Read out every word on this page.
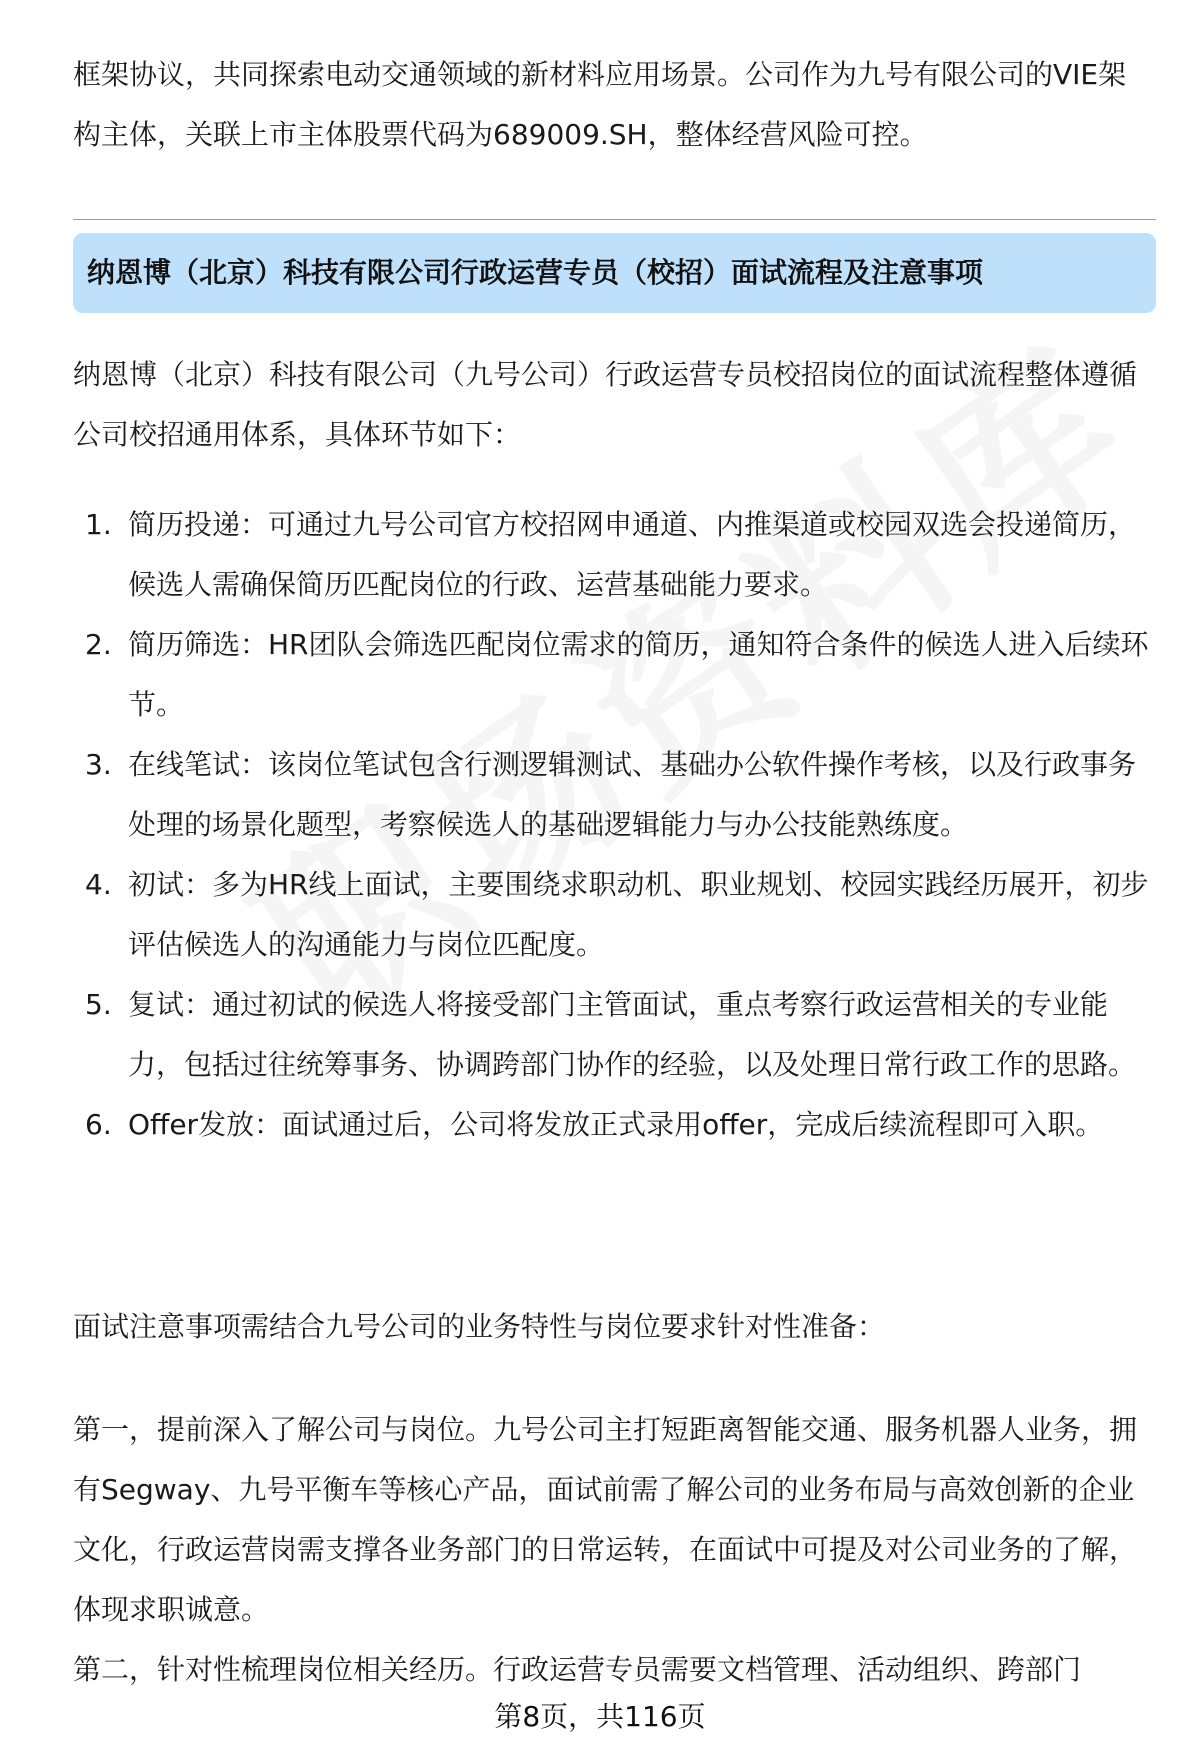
框架协议，共同探索电动交通领域的新材料应用场景。公司作为九号有限公司的VIE架构主体，关联上市主体股票代码为689009.SH，整体经营风险可控。

纳恩博（北京）科技有限公司行政运营专员（校招）面试流程及注意事项

纳恩博（北京）科技有限公司（九号公司）行政运营专员校招岗位的面试流程整体遵循公司校招通用体系，具体环节如下：

1. 简历投递：可通过九号公司官方校招网申通道、内推渠道或校园双选会投递简历，候选人需确保简历匹配岗位的行政、运营基础能力要求。
2. 简历筛选：HR团队会筛选匹配岗位需求的简历，通知符合条件的候选人进入后续环节。
3. 在线笔试：该岗位笔试包含行测逻辑测试、基础办公软件操作考核，以及行政事务处理的场景化题型，考察候选人的基础逻辑能力与办公技能熟练度。
4. 初试：多为HR线上面试，主要围绕求职动机、职业规划、校园实践经历展开，初步评估候选人的沟通能力与岗位匹配度。
5. 复试：通过初试的候选人将接受部门主管面试，重点考察行政运营相关的专业能力，包括过往统筹事务、协调跨部门协作的经验，以及处理日常行政工作的思路。
6. Offer发放：面试通过后，公司将发放正式录用offer，完成后续流程即可入职。

面试注意事项需结合九号公司的业务特性与岗位要求针对性准备：

第一，提前深入了解公司与岗位。九号公司主打短距离智能交通、服务机器人业务，拥有Segway、九号平衡车等核心产品，面试前需了解公司的业务布局与高效创新的企业文化，行政运营岗需支撑各业务部门的日常运转，在面试中可提及对公司业务的了解，体现求职诚意。

第二，针对性梳理岗位相关经历。行政运营专员需要文档管理、活动组织、跨部门

第8页，共116页
